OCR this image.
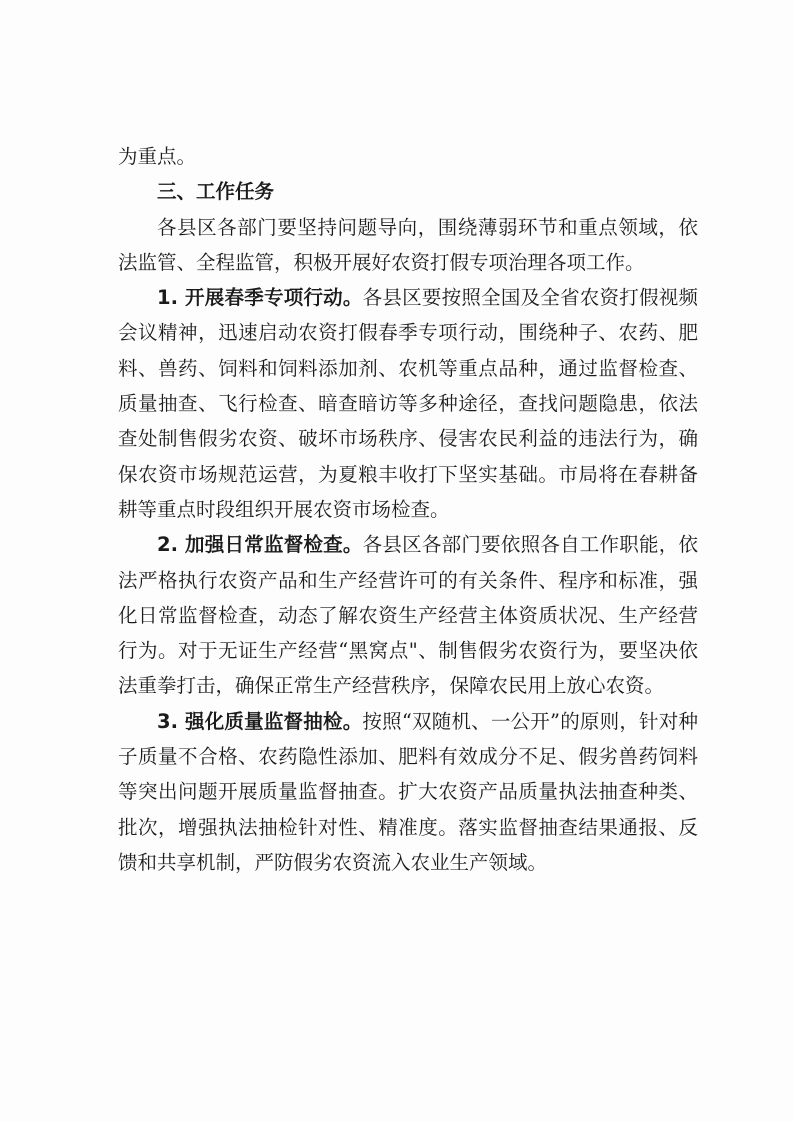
为重点。

三、工作任务

各县区各部门要坚持问题导向，围绕薄弱环节和重点领域，依法监管、全程监管，积极开展好农资打假专项治理各项工作。

1. 开展春季专项行动。各县区要按照全国及全省农资打假视频会议精神，迅速启动农资打假春季专项行动，围绕种子、农药、肥料、兽药、饲料和饲料添加剂、农机等重点品种，通过监督检查、质量抽查、飞行检查、暗查暗访等多种途径，查找问题隐患，依法查处制售假劣农资、破坏市场秩序、侵害农民利益的违法行为，确保农资市场规范运营，为夏粮丰收打下坚实基础。市局将在春耕备耕等重点时段组织开展农资市场检查。

2. 加强日常监督检查。各县区各部门要依照各自工作职能，依法严格执行农资产品和生产经营许可的有关条件、程序和标准，强化日常监督检查，动态了解农资生产经营主体资质状况、生产经营行为。对于无证生产经营“黑窝点"、制售假劣农资行为，要坚决依法重拳打击，确保正常生产经营秩序，保障农民用上放心农资。

3. 强化质量监督抽检。按照“双随机、一公开”的原则，针对种子质量不合格、农药隐性添加、肥料有效成分不足、假劣兽药饲料等突出问题开展质量监督抽查。扩大农资产品质量执法抽查种类、批次，增强执法抽检针对性、精准度。落实监督抽查结果通报、反馈和共享机制，严防假劣农资流入农业生产领域。
